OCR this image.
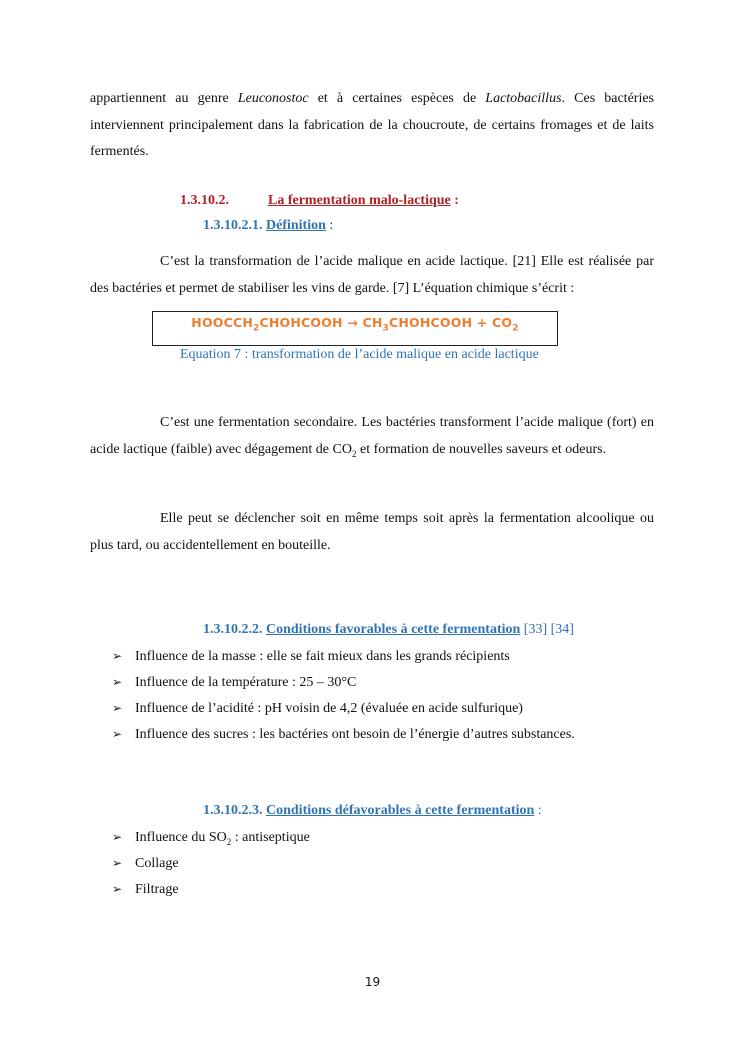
appartiennent au genre Leuconostoc et à certaines espèces de Lactobacillus. Ces bactéries interviennent principalement dans la fabrication de la choucroute, de certains fromages et de laits fermentés.
1.3.10.2.	La fermentation malo-lactique :
1.3.10.2.1. Définition :
C’est la transformation de l’acide malique en acide lactique. [21] Elle est réalisée par des bactéries et permet de stabiliser les vins de garde. [7] L’équation chimique s’écrit :
$HOOCCH_2CHOHCOOH$ → $CH_3CHOHCOOH + CO_2$
Equation 7 : transformation de l’acide malique en acide lactique
C’est une fermentation secondaire. Les bactéries transforment l’acide malique (fort) en acide lactique (faible) avec dégagement de $CO_2$ et formation de nouvelles saveurs et odeurs.
Elle peut se déclencher soit en même temps soit après la fermentation alcoolique ou plus tard, ou accidentellement en bouteille.
1.3.10.2.2. Conditions favorables à cette fermentation [33] [34]
➢ Influence de la masse : elle se fait mieux dans les grands récipients
➢ Influence de la température : 25 – 30°C
➢ Influence de l’acidité : pH voisin de 4,2 (évaluée en acide sulfurique)
➢ Influence des sucres : les bactéries ont besoin de l’énergie d’autres substances.
1.3.10.2.3. Conditions défavorables à cette fermentation :
➢ Influence du $SO_2$ : antiseptique
➢ Collage
➢ Filtrage
19
